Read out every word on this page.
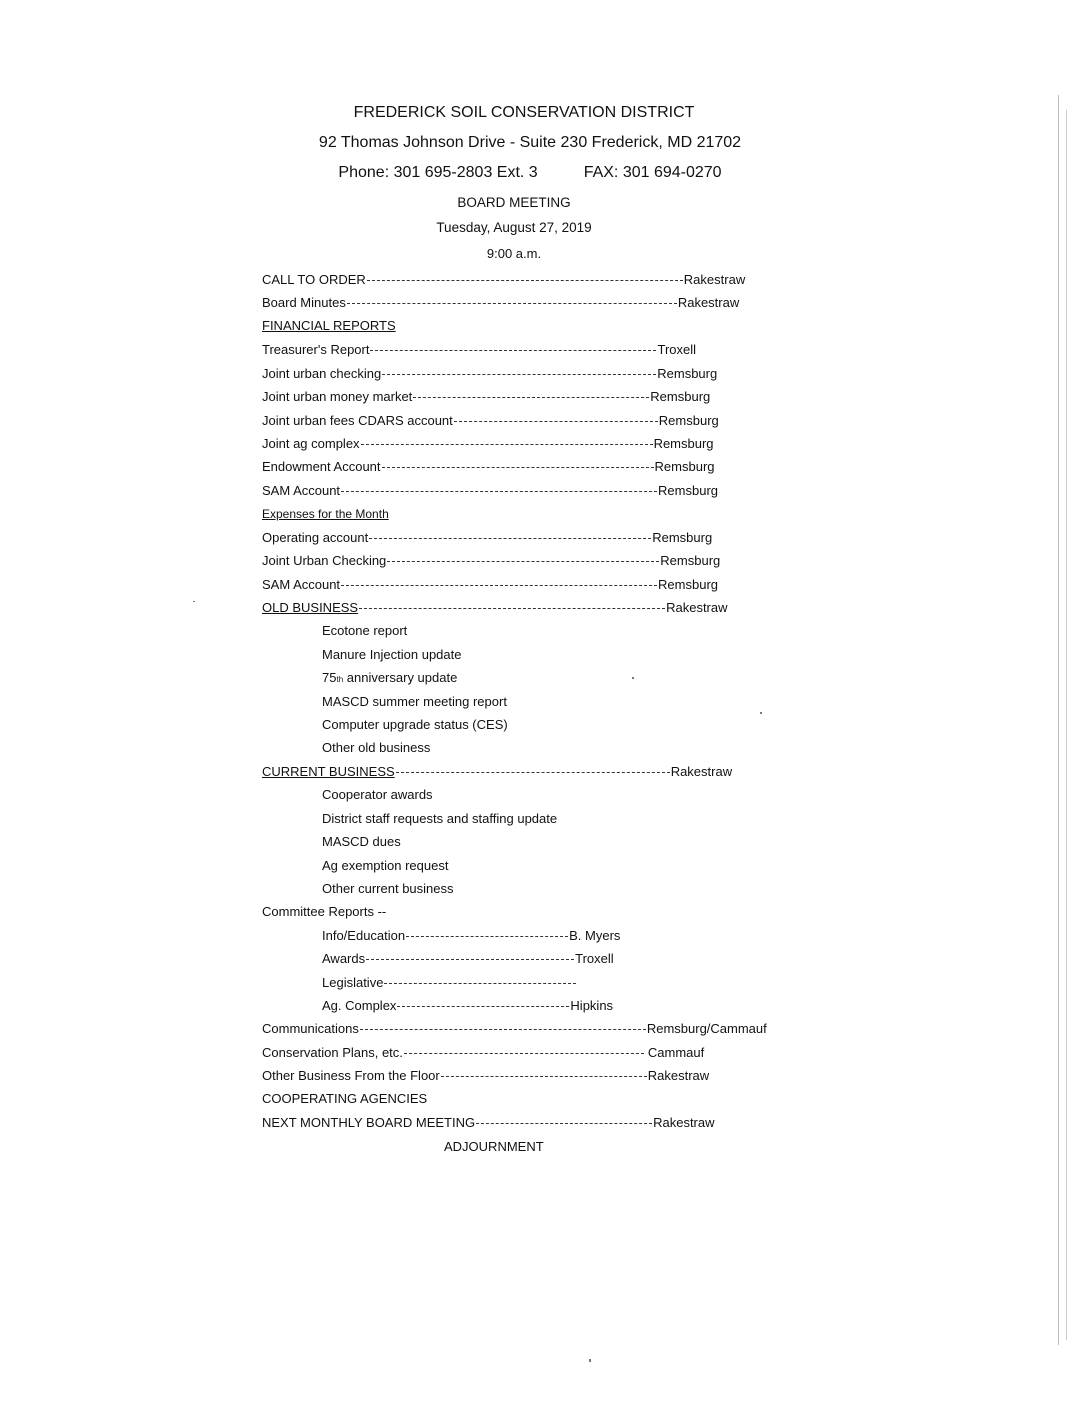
FREDERICK SOIL CONSERVATION DISTRICT
92 Thomas Johnson Drive - Suite 230 Frederick, MD 21702
Phone: 301 695-2803 Ext. 3	FAX: 301 694-0270
BOARD MEETING
Tuesday, August 27, 2019
9:00 a.m.
CALL TO ORDER	Rakestraw
Board Minutes	Rakestraw
FINANCIAL REPORTS
Treasurer's Report	Troxell
Joint urban checking	Remsburg
Joint urban money market	Remsburg
Joint urban fees CDARS account	Remsburg
Joint ag complex	Remsburg
Endowment Account	Remsburg
SAM Account	Remsburg
Expenses for the Month
Operating account	Remsburg
Joint Urban Checking	Remsburg
SAM Account	Remsburg
OLD BUSINESS	Rakestraw
Ecotone report
Manure Injection update
75 th anniversary update
MASCD summer meeting report
Computer upgrade status (CES)
Other old business
CURRENT BUSINESS	Rakestraw
Cooperator awards
District staff requests and staffing update
MASCD dues
Ag exemption request
Other current business
Committee Reports --
Info/Education	B. Myers
Awards	Troxell
Legislative
Ag. Complex	Hipkins
Communications	Remsburg/Cammauf
Conservation Plans, etc.	Cammauf
Other Business From the Floor	Rakestraw
COOPERATING AGENCIES
NEXT MONTHLY BOARD MEETING	Rakestraw
ADJOURNMENT
